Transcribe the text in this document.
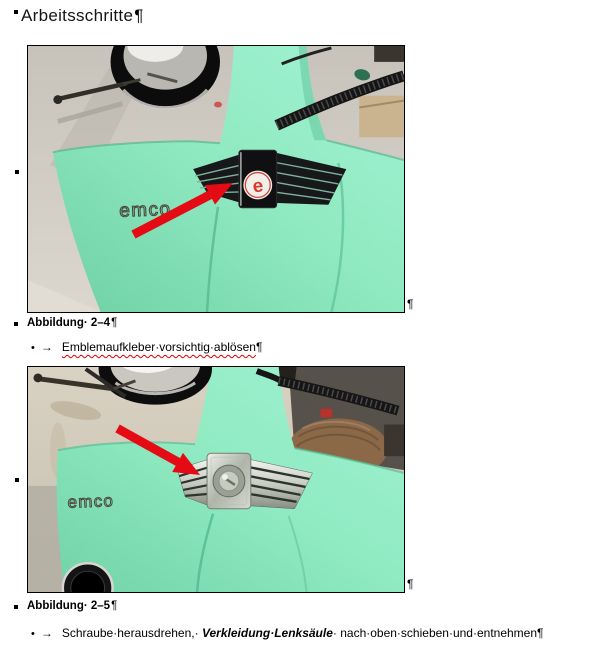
Arbeitsschritte¶
e
emco
¶
Abbildung· 2–4¶
• → Emblemaufkleber·vorsichtig·ablösen¶
emco
¶
Abbildung· 2–5¶
• → Schraube·herausdrehen,· Verkleidung·Lenksäule· nach·oben·schieben·und·entnehmen¶
